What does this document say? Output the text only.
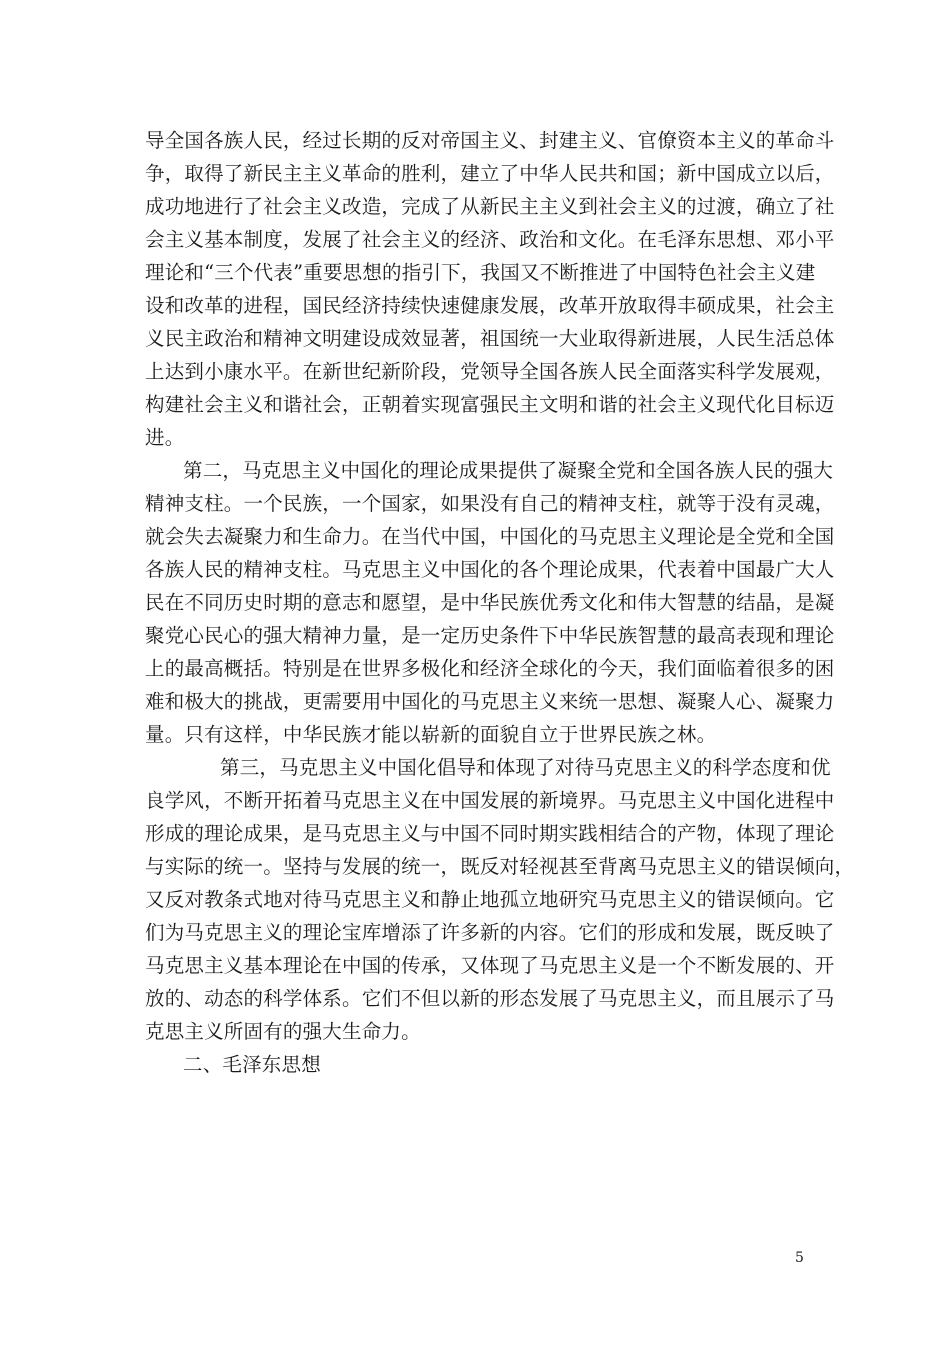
导全国各族人民，经过长期的反对帝国主义、封建主义、官僚资本主义的革命斗
争，取得了新民主主义革命的胜利，建立了中华人民共和国；新中国成立以后，
成功地进行了社会主义改造，完成了从新民主主义到社会主义的过渡，确立了社
会主义基本制度，发展了社会主义的经济、政治和文化。在毛泽东思想、邓小平
理论和“三个代表”重要思想的指引下，我国又不断推进了中国特色社会主义建
设和改革的进程，国民经济持续快速健康发展，改革开放取得丰硕成果，社会主
义民主政治和精神文明建设成效显著，祖国统一大业取得新进展，人民生活总体
上达到小康水平。在新世纪新阶段，党领导全国各族人民全面落实科学发展观，
构建社会主义和谐社会，正朝着实现富强民主文明和谐的社会主义现代化目标迈
进。
第二，马克思主义中国化的理论成果提供了凝聚全党和全国各族人民的强大
精神支柱。一个民族，一个国家，如果没有自己的精神支柱，就等于没有灵魂，
就会失去凝聚力和生命力。在当代中国，中国化的马克思主义理论是全党和全国
各族人民的精神支柱。马克思主义中国化的各个理论成果，代表着中国最广大人
民在不同历史时期的意志和愿望，是中华民族优秀文化和伟大智慧的结晶，是凝
聚党心民心的强大精神力量，是一定历史条件下中华民族智慧的最高表现和理论
上的最高概括。特别是在世界多极化和经济全球化的今天，我们面临着很多的困
难和极大的挑战，更需要用中国化的马克思主义来统一思想、凝聚人心、凝聚力
量。只有这样，中华民族才能以崭新的面貌自立于世界民族之林。
第三，马克思主义中国化倡导和体现了对待马克思主义的科学态度和优
良学风，不断开拓着马克思主义在中国发展的新境界。马克思主义中国化进程中
形成的理论成果，是马克思主义与中国不同时期实践相结合的产物，体现了理论
与实际的统一。坚持与发展的统一，既反对轻视甚至背离马克思主义的错误倾向，
又反对教条式地对待马克思主义和静止地孤立地研究马克思主义的错误倾向。它
们为马克思主义的理论宝库增添了许多新的内容。它们的形成和发展，既反映了
马克思主义基本理论在中国的传承，又体现了马克思主义是一个不断发展的、开
放的、动态的科学体系。它们不但以新的形态发展了马克思主义，而且展示了马
克思主义所固有的强大生命力。
二、毛泽东思想
5
